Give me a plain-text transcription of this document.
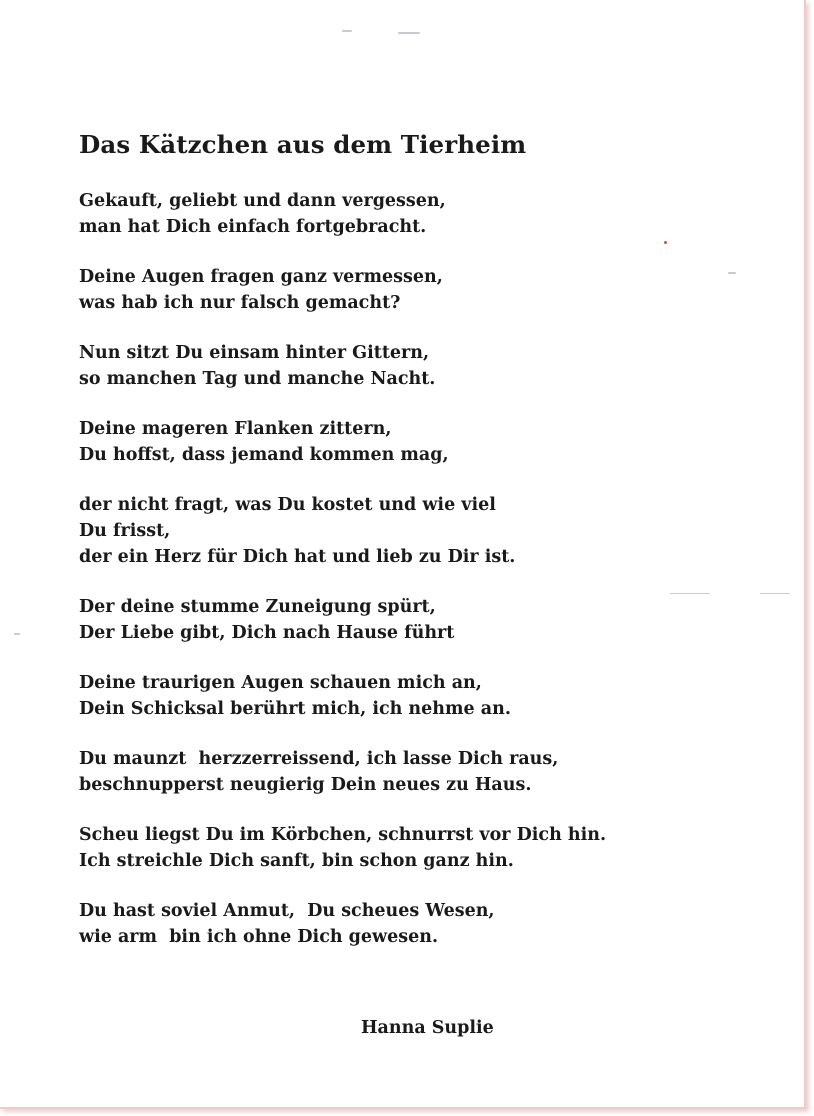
Das Kätzchen aus dem Tierheim
Gekauft, geliebt und dann vergessen,
man hat Dich einfach fortgebracht.
Deine Augen fragen ganz vermessen,
was hab ich nur falsch gemacht?
Nun sitzt Du einsam hinter Gittern,
so manchen Tag und manche Nacht.
Deine mageren Flanken zittern,
Du hoffst, dass jemand kommen mag,
der nicht fragt, was Du kostet und wie viel
Du frisst,
der ein Herz für Dich hat und lieb zu Dir ist.
Der deine stumme Zuneigung spürt,
Der Liebe gibt, Dich nach Hause führt
Deine traurigen Augen schauen mich an,
Dein Schicksal berührt mich, ich nehme an.
Du maunzt  herzzerreissend, ich lasse Dich raus,
beschnupperst neugierig Dein neues zu Haus.
Scheu liegst Du im Körbchen, schnurrst vor Dich hin.
Ich streichle Dich sanft, bin schon ganz hin.
Du hast soviel Anmut,  Du scheues Wesen,
wie arm  bin ich ohne Dich gewesen.
Hanna Suplie
